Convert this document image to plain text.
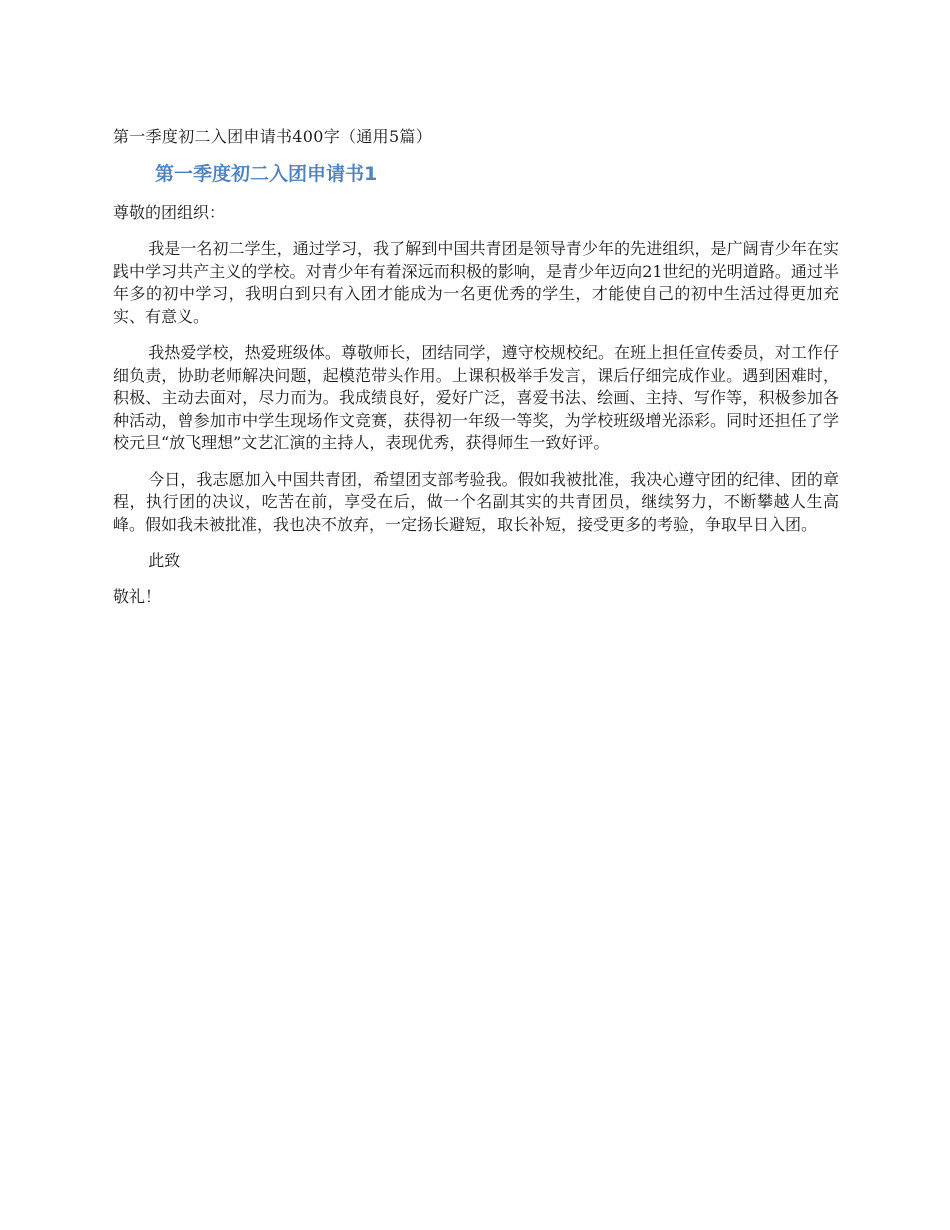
第一季度初二入团申请书400字（通用5篇）
第一季度初二入团申请书1
尊敬的团组织：

我是一名初二学生，通过学习，我了解到中国共青团是领导青少年的先进组织，是广阔青少年在实践中学习共产主义的学校。对青少年有着深远而积极的影响，是青少年迈向21世纪的光明道路。通过半年多的初中学习，我明白到只有入团才能成为一名更优秀的学生，才能使自己的初中生活过得更加充实、有意义。

我热爱学校，热爱班级体。尊敬师长，团结同学，遵守校规校纪。在班上担任宣传委员，对工作仔细负责，协助老师解决问题，起模范带头作用。上课积极举手发言，课后仔细完成作业。遇到困难时，积极、主动去面对，尽力而为。我成绩良好，爱好广泛，喜爱书法、绘画、主持、写作等，积极参加各种活动，曾参加市中学生现场作文竞赛，获得初一年级一等奖，为学校班级增光添彩。同时还担任了学校元旦“放飞理想”文艺汇演的主持人，表现优秀，获得师生一致好评。

今日，我志愿加入中国共青团，希望团支部考验我。假如我被批准，我决心遵守团的纪律、团的章程，执行团的决议，吃苦在前，享受在后，做一个名副其实的共青团员，继续努力，不断攀越人生高峰。假如我未被批准，我也决不放弃，一定扬长避短，取长补短，接受更多的考验，争取早日入团。

此致
敬礼！
